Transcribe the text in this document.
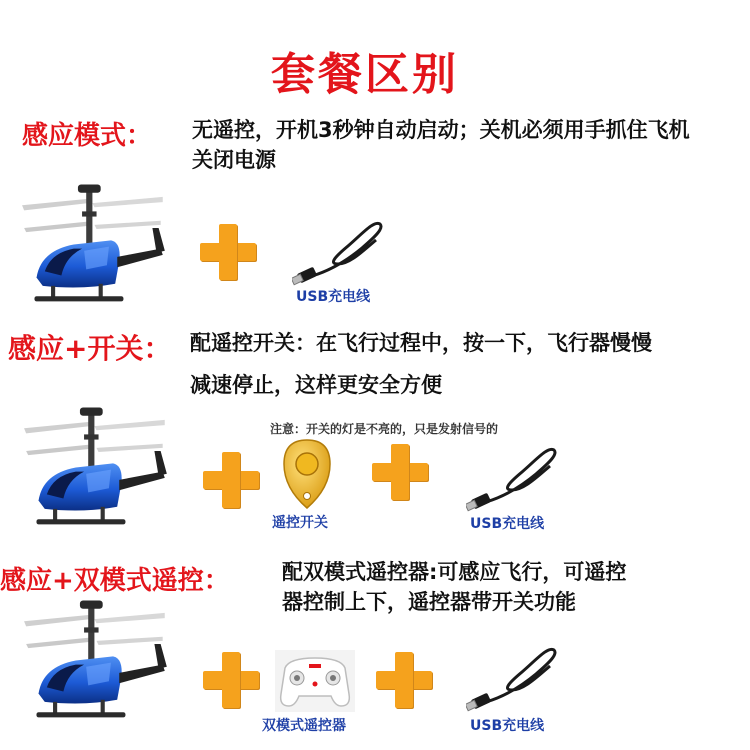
套餐区别
感应模式： 无遥控，开机3秒钟自动启动；关机必须用手抓住飞机
关闭电源
USB充电线
感应+开关： 配遥控开关：在飞行过程中，按一下，飞行器慢慢
减速停止，这样更安全方便
注意：开关的灯是不亮的，只是发射信号的
遥控开关	USB充电线
感应+双模式遥控： 配双模式遥控器:可感应飞行，可遥控
器控制上下，遥控器带开关功能
双模式遥控器	USB充电线
